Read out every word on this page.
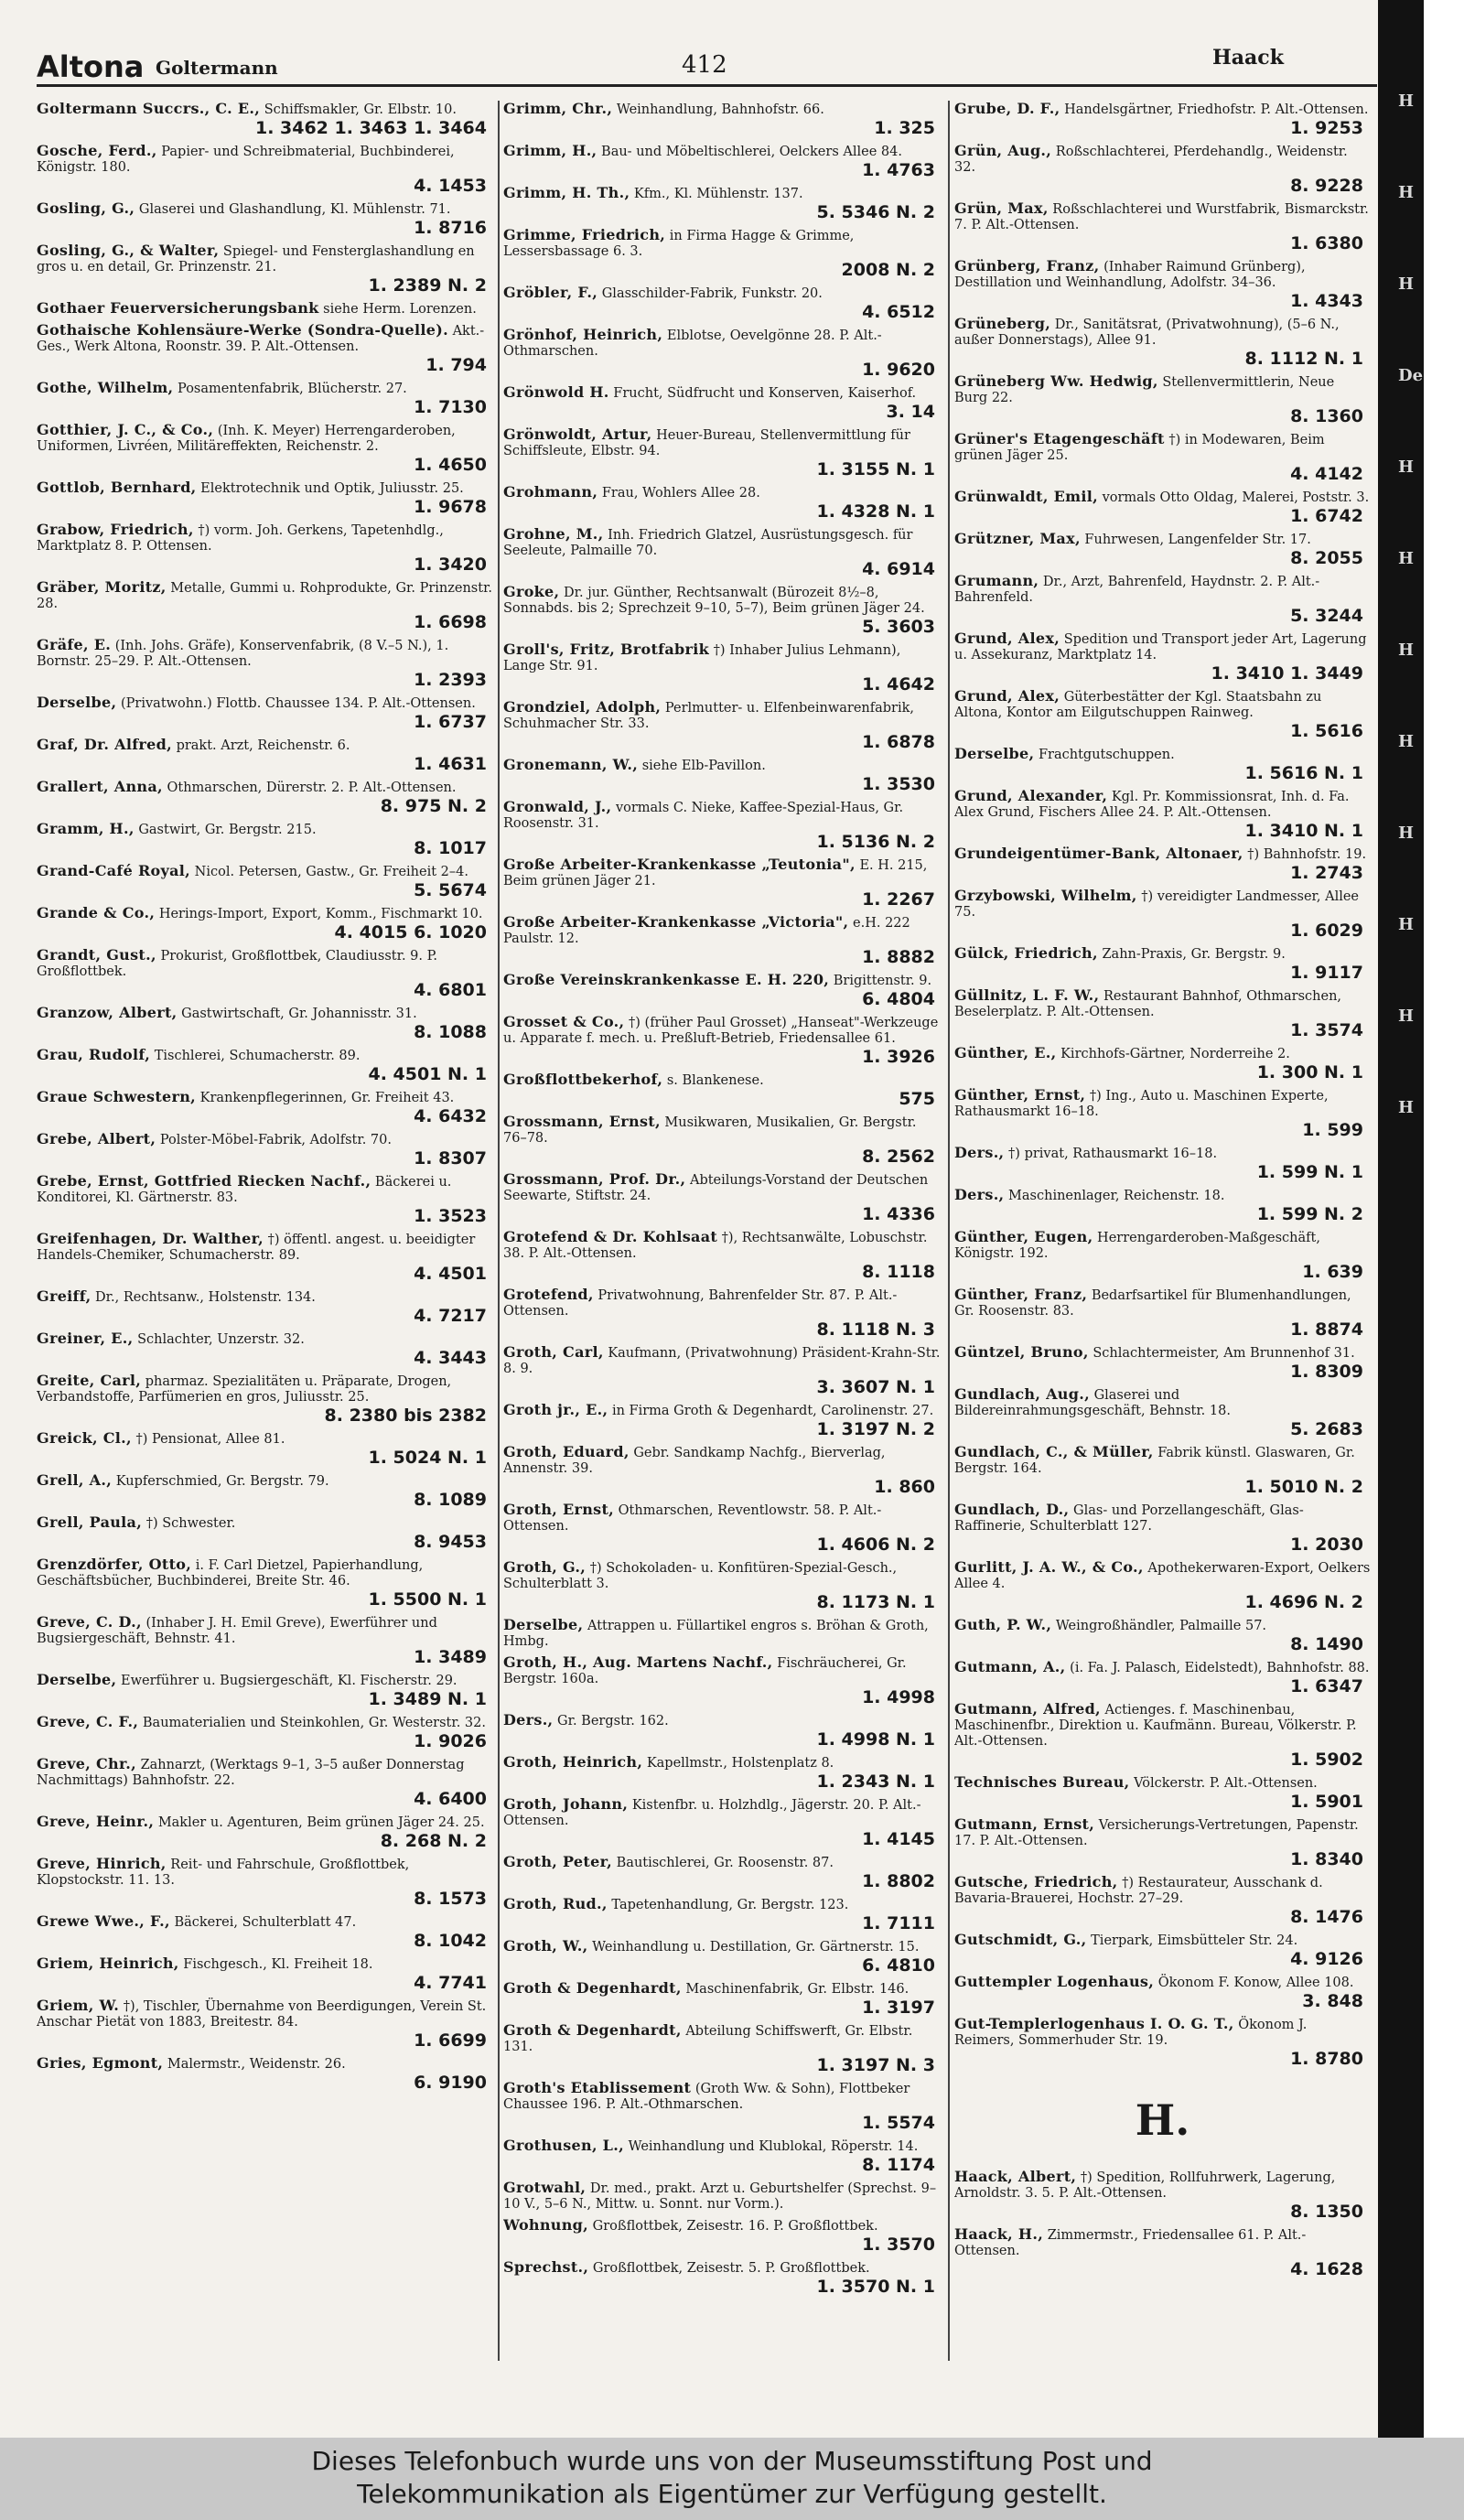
Altona Goltermann	412	Haack
Goltermann Succrs., C. E., Schiffsmakler, Gr. Elbstr. 10.
1. 3462 1. 3463 1. 3464
Gosche, Ferd., Papier- und Schreibmaterial, Buchbinderei, Königstr. 180.
4. 1453
Gosling, G., Glaserei und Glashandlung, Kl. Mühlenstr. 71.
1. 8716
Gosling, G., & Walter, Spiegel- und Fensterglashandlung en gros u. en detail, Gr. Prinzenstr. 21.
1. 2389 N. 2
Gothaer Feuerversicherungsbank siehe Herm. Lorenzen.
Gothaische Kohlensäure-Werke (Sondra-Quelle). Akt.-Ges., Werk Altona, Roonstr. 39. P. Alt.-Ottensen.
1. 794
Gothe, Wilhelm, Posamentenfabrik, Blücherstr. 27.
1. 7130
Gotthier, J. C., & Co., (Inh. K. Meyer) Herrengarderoben, Uniformen, Livréen, Militäreffekten, Reichenstr. 2.
1. 4650
Gottlob, Bernhard, Elektrotechnik und Optik, Juliusstr. 25.
1. 9678
Grabow, Friedrich, †) vorm. Joh. Gerkens, Tapetenhdlg., Marktplatz 8. P. Ottensen.
1. 3420
Gräber, Moritz, Metalle, Gummi u. Rohprodukte, Gr. Prinzenstr. 28.
1. 6698
Gräfe, E. (Inh. Johs. Gräfe), Konservenfabrik, (8 V.–5 N.), 1. Bornstr. 25–29. P. Alt.-Ottensen.
1. 2393
Derselbe, (Privatwohn.) Flottb. Chaussee 134. P. Alt.-Ottensen.
1. 6737
Graf, Dr. Alfred, prakt. Arzt, Reichenstr. 6.
1. 4631
Grallert, Anna, Othmarschen, Dürerstr. 2. P. Alt.-Ottensen.
8. 975 N. 2
Gramm, H., Gastwirt, Gr. Bergstr. 215.
8. 1017
Grand-Café Royal, Nicol. Petersen, Gastw., Gr. Freiheit 2–4.
5. 5674
Grande & Co., Herings-Import, Export, Komm., Fischmarkt 10.
4. 4015 6. 1020
Grandt, Gust., Prokurist, Großflottbek, Claudiusstr. 9. P. Großflottbek.
4. 6801
Granzow, Albert, Gastwirtschaft, Gr. Johannisstr. 31.
8. 1088
Grau, Rudolf, Tischlerei, Schumacherstr. 89.
4. 4501 N. 1
Graue Schwestern, Krankenpflegerinnen, Gr. Freiheit 43.
4. 6432
Grebe, Albert, Polster-Möbel-Fabrik, Adolfstr. 70.
1. 8307
Grebe, Ernst, Gottfried Riecken Nachf., Bäckerei u. Konditorei, Kl. Gärtnerstr. 83.
1. 3523
Greifenhagen, Dr. Walther, †) öffentl. angest. u. beeidigter Handels-Chemiker, Schumacherstr. 89.
4. 4501
Greiff, Dr., Rechtsanw., Holstenstr. 134.
4. 7217
Greiner, E., Schlachter, Unzerstr. 32.
4. 3443
Greite, Carl, pharmaz. Spezialitäten u. Präparate, Drogen, Verbandstoffe, Parfümerien en gros, Juliusstr. 25.
8. 2380 bis 2382
Greick, Cl., †) Pensionat, Allee 81.
1. 5024 N. 1
Grell, A., Kupferschmied, Gr. Bergstr. 79.
8. 1089
Grell, Paula, †) Schwester.
8. 9453
Grenzdörfer, Otto, i. F. Carl Dietzel, Papierhandlung, Geschäftsbücher, Buchbinderei, Breite Str. 46.
1. 5500 N. 1
Greve, C. D., (Inhaber J. H. Emil Greve), Ewerführer und Bugsiergeschäft, Behnstr. 41.
1. 3489
Derselbe, Ewerführer u. Bugsiergeschäft, Kl. Fischerstr. 29.
1. 3489 N. 1
Greve, C. F., Baumaterialien und Steinkohlen, Gr. Westerstr. 32.
1. 9026
Greve, Chr., Zahnarzt, (Werktags 9–1, 3–5 außer Donnerstag Nachmittags) Bahnhofstr. 22.
4. 6400
Greve, Heinr., Makler u. Agenturen, Beim grünen Jäger 24. 25.
8. 268 N. 2
Greve, Hinrich, Reit- und Fahrschule, Großflottbek, Klopstockstr. 11. 13.
8. 1573
Grewe Wwe., F., Bäckerei, Schulterblatt 47.
8. 1042
Griem, Heinrich, Fischgesch., Kl. Freiheit 18.
4. 7741
Griem, W. †), Tischler, Übernahme von Beerdigungen, Verein St. Anschar Pietät von 1883, Breitestr. 84.
1. 6699
Gries, Egmont, Malermstr., Weidenstr. 26.
6. 9190
Grimm, Chr., Weinhandlung, Bahnhofstr. 66.
1. 325
Grimm, H., Bau- und Möbeltischlerei, Oelckers Allee 84.
1. 4763
Grimm, H. Th., Kfm., Kl. Mühlenstr. 137.
5. 5346 N. 2
Grimme, Friedrich, in Firma Hagge & Grimme, Lessersbassage 6. 3.
2008 N. 2
Gröbler, F., Glasschilder-Fabrik, Funkstr. 20.
4. 6512
Grönhof, Heinrich, Elblotse, Oevelgönne 28. P. Alt.-Othmarschen.
1. 9620
Grönwold H. Frucht, Südfrucht und Konserven, Kaiserhof.
3. 14
Grönwoldt, Artur, Heuer-Bureau, Stellenvermittlung für Schiffsleute, Elbstr. 94.
1. 3155 N. 1
Grohmann, Frau, Wohlers Allee 28.
1. 4328 N. 1
Grohne, M., Inh. Friedrich Glatzel, Ausrüstungsgesch. für Seeleute, Palmaille 70.
4. 6914
Groke, Dr. jur. Günther, Rechtsanwalt (Bürozeit 8½–8, Sonnabds. bis 2; Sprechzeit 9–10, 5–7), Beim grünen Jäger 24.
5. 3603
Groll's, Fritz, Brotfabrik †) Inhaber Julius Lehmann), Lange Str. 91.
1. 4642
Grondziel, Adolph, Perlmutter- u. Elfenbeinwarenfabrik, Schuhmacher Str. 33.
1. 6878
Gronemann, W., siehe Elb-Pavillon.
1. 3530
Gronwald, J., vormals C. Nieke, Kaffee-Spezial-Haus, Gr. Roosenstr. 31.
1. 5136 N. 2
Große Arbeiter-Krankenkasse „Teutonia", E. H. 215, Beim grünen Jäger 21.
1. 2267
Große Arbeiter-Krankenkasse „Victoria", e.H. 222 Paulstr. 12.
1. 8882
Große Vereinskrankenkasse E. H. 220, Brigittenstr. 9.
6. 4804
Grosset & Co., †) (früher Paul Grosset) „Hanseat"-Werkzeuge u. Apparate f. mech. u. Preßluft-Betrieb, Friedensallee 61.
1. 3926
Großflottbekerhof, s. Blankenese.
575
Grossmann, Ernst, Musikwaren, Musikalien, Gr. Bergstr. 76–78.
8. 2562
Grossmann, Prof. Dr., Abteilungs-Vorstand der Deutschen Seewarte, Stiftstr. 24.
1. 4336
Grotefend & Dr. Kohlsaat †), Rechtsanwälte, Lobuschstr. 38. P. Alt.-Ottensen.
8. 1118
Grotefend, Privatwohnung, Bahrenfelder Str. 87. P. Alt.-Ottensen.
8. 1118 N. 3
Groth, Carl, Kaufmann, (Privatwohnung) Präsident-Krahn-Str. 8. 9.
3. 3607 N. 1
Groth jr., E., in Firma Groth & Degenhardt, Carolinenstr. 27.
1. 3197 N. 2
Groth, Eduard, Gebr. Sandkamp Nachfg., Bierverlag, Annenstr. 39.
1. 860
Groth, Ernst, Othmarschen, Reventlowstr. 58. P. Alt.-Ottensen.
1. 4606 N. 2
Groth, G., †) Schokoladen- u. Konfitüren-Spezial-Gesch., Schulterblatt 3.
8. 1173 N. 1
Derselbe, Attrappen u. Füllartikel engros s. Bröhan & Groth, Hmbg.
Groth, H., Aug. Martens Nachf., Fischräucherei, Gr. Bergstr. 160a.
1. 4998
Ders., Gr. Bergstr. 162.
1. 4998 N. 1
Groth, Heinrich, Kapellmstr., Holstenplatz 8.
1. 2343 N. 1
Groth, Johann, Kistenfbr. u. Holzhdlg., Jägerstr. 20. P. Alt.-Ottensen.
1. 4145
Groth, Peter, Bautischlerei, Gr. Roosenstr. 87.
1. 8802
Groth, Rud., Tapetenhandlung, Gr. Bergstr. 123.
1. 7111
Groth, W., Weinhandlung u. Destillation, Gr. Gärtnerstr. 15.
6. 4810
Groth & Degenhardt, Maschinenfabrik, Gr. Elbstr. 146.
1. 3197
Groth & Degenhardt, Abteilung Schiffswerft, Gr. Elbstr. 131.
1. 3197 N. 3
Groth's Etablissement (Groth Ww. & Sohn), Flottbeker Chaussee 196. P. Alt.-Othmarschen.
1. 5574
Grothusen, L., Weinhandlung und Klublokal, Röperstr. 14.
8. 1174
Grotwahl, Dr. med., prakt. Arzt u. Geburtshelfer (Sprechst. 9–10 V., 5–6 N., Mittw. u. Sonnt. nur Vorm.).
Wohnung, Großflottbek, Zeisestr. 16. P. Großflottbek.
1. 3570
Sprechst., Großflottbek, Zeisestr. 5. P. Großflottbek.
1. 3570 N. 1
Grube, D. F., Handelsgärtner, Friedhofstr. P. Alt.-Ottensen.
1. 9253
Grün, Aug., Roßschlachterei, Pferdehandlg., Weidenstr. 32.
8. 9228
Grün, Max, Roßschlachterei und Wurstfabrik, Bismarckstr. 7. P. Alt.-Ottensen.
1. 6380
Grünberg, Franz, (Inhaber Raimund Grünberg), Destillation und Weinhandlung, Adolfstr. 34–36.
1. 4343
Grüneberg, Dr., Sanitätsrat, (Privatwohnung), (5–6 N., außer Donnerstags), Allee 91.
8. 1112 N. 1
Grüneberg Ww. Hedwig, Stellenvermittlerin, Neue Burg 22.
8. 1360
Grüner's Etagengeschäft †) in Modewaren, Beim grünen Jäger 25.
4. 4142
Grünwaldt, Emil, vormals Otto Oldag, Malerei, Poststr. 3.
1. 6742
Grützner, Max, Fuhrwesen, Langenfelder Str. 17.
8. 2055
Grumann, Dr., Arzt, Bahrenfeld, Haydnstr. 2. P. Alt.-Bahrenfeld.
5. 3244
Grund, Alex, Spedition und Transport jeder Art, Lagerung u. Assekuranz, Marktplatz 14.
1. 3410 1. 3449
Grund, Alex, Güterbestätter der Kgl. Staatsbahn zu Altona, Kontor am Eilgutschuppen Rainweg.
1. 5616
Derselbe, Frachtgutschuppen.
1. 5616 N. 1
Grund, Alexander, Kgl. Pr. Kommissionsrat, Inh. d. Fa. Alex Grund, Fischers Allee 24. P. Alt.-Ottensen.
1. 3410 N. 1
Grundeigentümer-Bank, Altonaer, †) Bahnhofstr. 19.
1. 2743
Grzybowski, Wilhelm, †) vereidigter Landmesser, Allee 75.
1. 6029
Gülck, Friedrich, Zahn-Praxis, Gr. Bergstr. 9.
1. 9117
Güllnitz, L. F. W., Restaurant Bahnhof, Othmarschen, Beselerplatz. P. Alt.-Ottensen.
1. 3574
Günther, E., Kirchhofs-Gärtner, Norderreihe 2.
1. 300 N. 1
Günther, Ernst, †) Ing., Auto u. Maschinen Experte, Rathausmarkt 16–18.
1. 599
Ders., †) privat, Rathausmarkt 16–18.
1. 599 N. 1
Ders., Maschinenlager, Reichenstr. 18.
1. 599 N. 2
Günther, Eugen, Herrengarderoben-Maßgeschäft, Königstr. 192.
1. 639
Günther, Franz, Bedarfsartikel für Blumenhandlungen, Gr. Roosenstr. 83.
1. 8874
Güntzel, Bruno, Schlachtermeister, Am Brunnenhof 31.
1. 8309
Gundlach, Aug., Glaserei und Bildereinrahmungsgeschäft, Behnstr. 18.
5. 2683
Gundlach, C., & Müller, Fabrik künstl. Glaswaren, Gr. Bergstr. 164.
1. 5010 N. 2
Gundlach, D., Glas- und Porzellangeschäft, Glas-Raffinerie, Schulterblatt 127.
1. 2030
Gurlitt, J. A. W., & Co., Apothekerwaren-Export, Oelkers Allee 4.
1. 4696 N. 2
Guth, P. W., Weingroßhändler, Palmaille 57.
8. 1490
Gutmann, A., (i. Fa. J. Palasch, Eidelstedt), Bahnhofstr. 88.
1. 6347
Gutmann, Alfred, Actienges. f. Maschinenbau, Maschinenfbr., Direktion u. Kaufmänn. Bureau, Völkerstr. P. Alt.-Ottensen.
1. 5902
Technisches Bureau, Völckerstr. P. Alt.-Ottensen.
1. 5901
Gutmann, Ernst, Versicherungs-Vertretungen, Papenstr. 17. P. Alt.-Ottensen.
1. 8340
Gutsche, Friedrich, †) Restaurateur, Ausschank d. Bavaria-Brauerei, Hochstr. 27–29.
8. 1476
Gutschmidt, G., Tierpark, Eimsbütteler Str. 24.
4. 9126
Guttempler Logenhaus, Ökonom F. Konow, Allee 108.
3. 848
Gut-Templerlogenhaus I. O. G. T., Ökonom J. Reimers, Sommerhuder Str. 19.
1. 8780
H.
Haack, Albert, †) Spedition, Rollfuhrwerk, Lagerung, Arnoldstr. 3. 5. P. Alt.-Ottensen.
8. 1350
Haack, H., Zimmermstr., Friedensallee 61. P. Alt.-Ottensen.
4. 1628
H
H
H
De
H
H
H
H
H
H
H
H
Dieses Telefonbuch wurde uns von der Museumsstiftung Post und
Telekommunikation als Eigentümer zur Verfügung gestellt.
